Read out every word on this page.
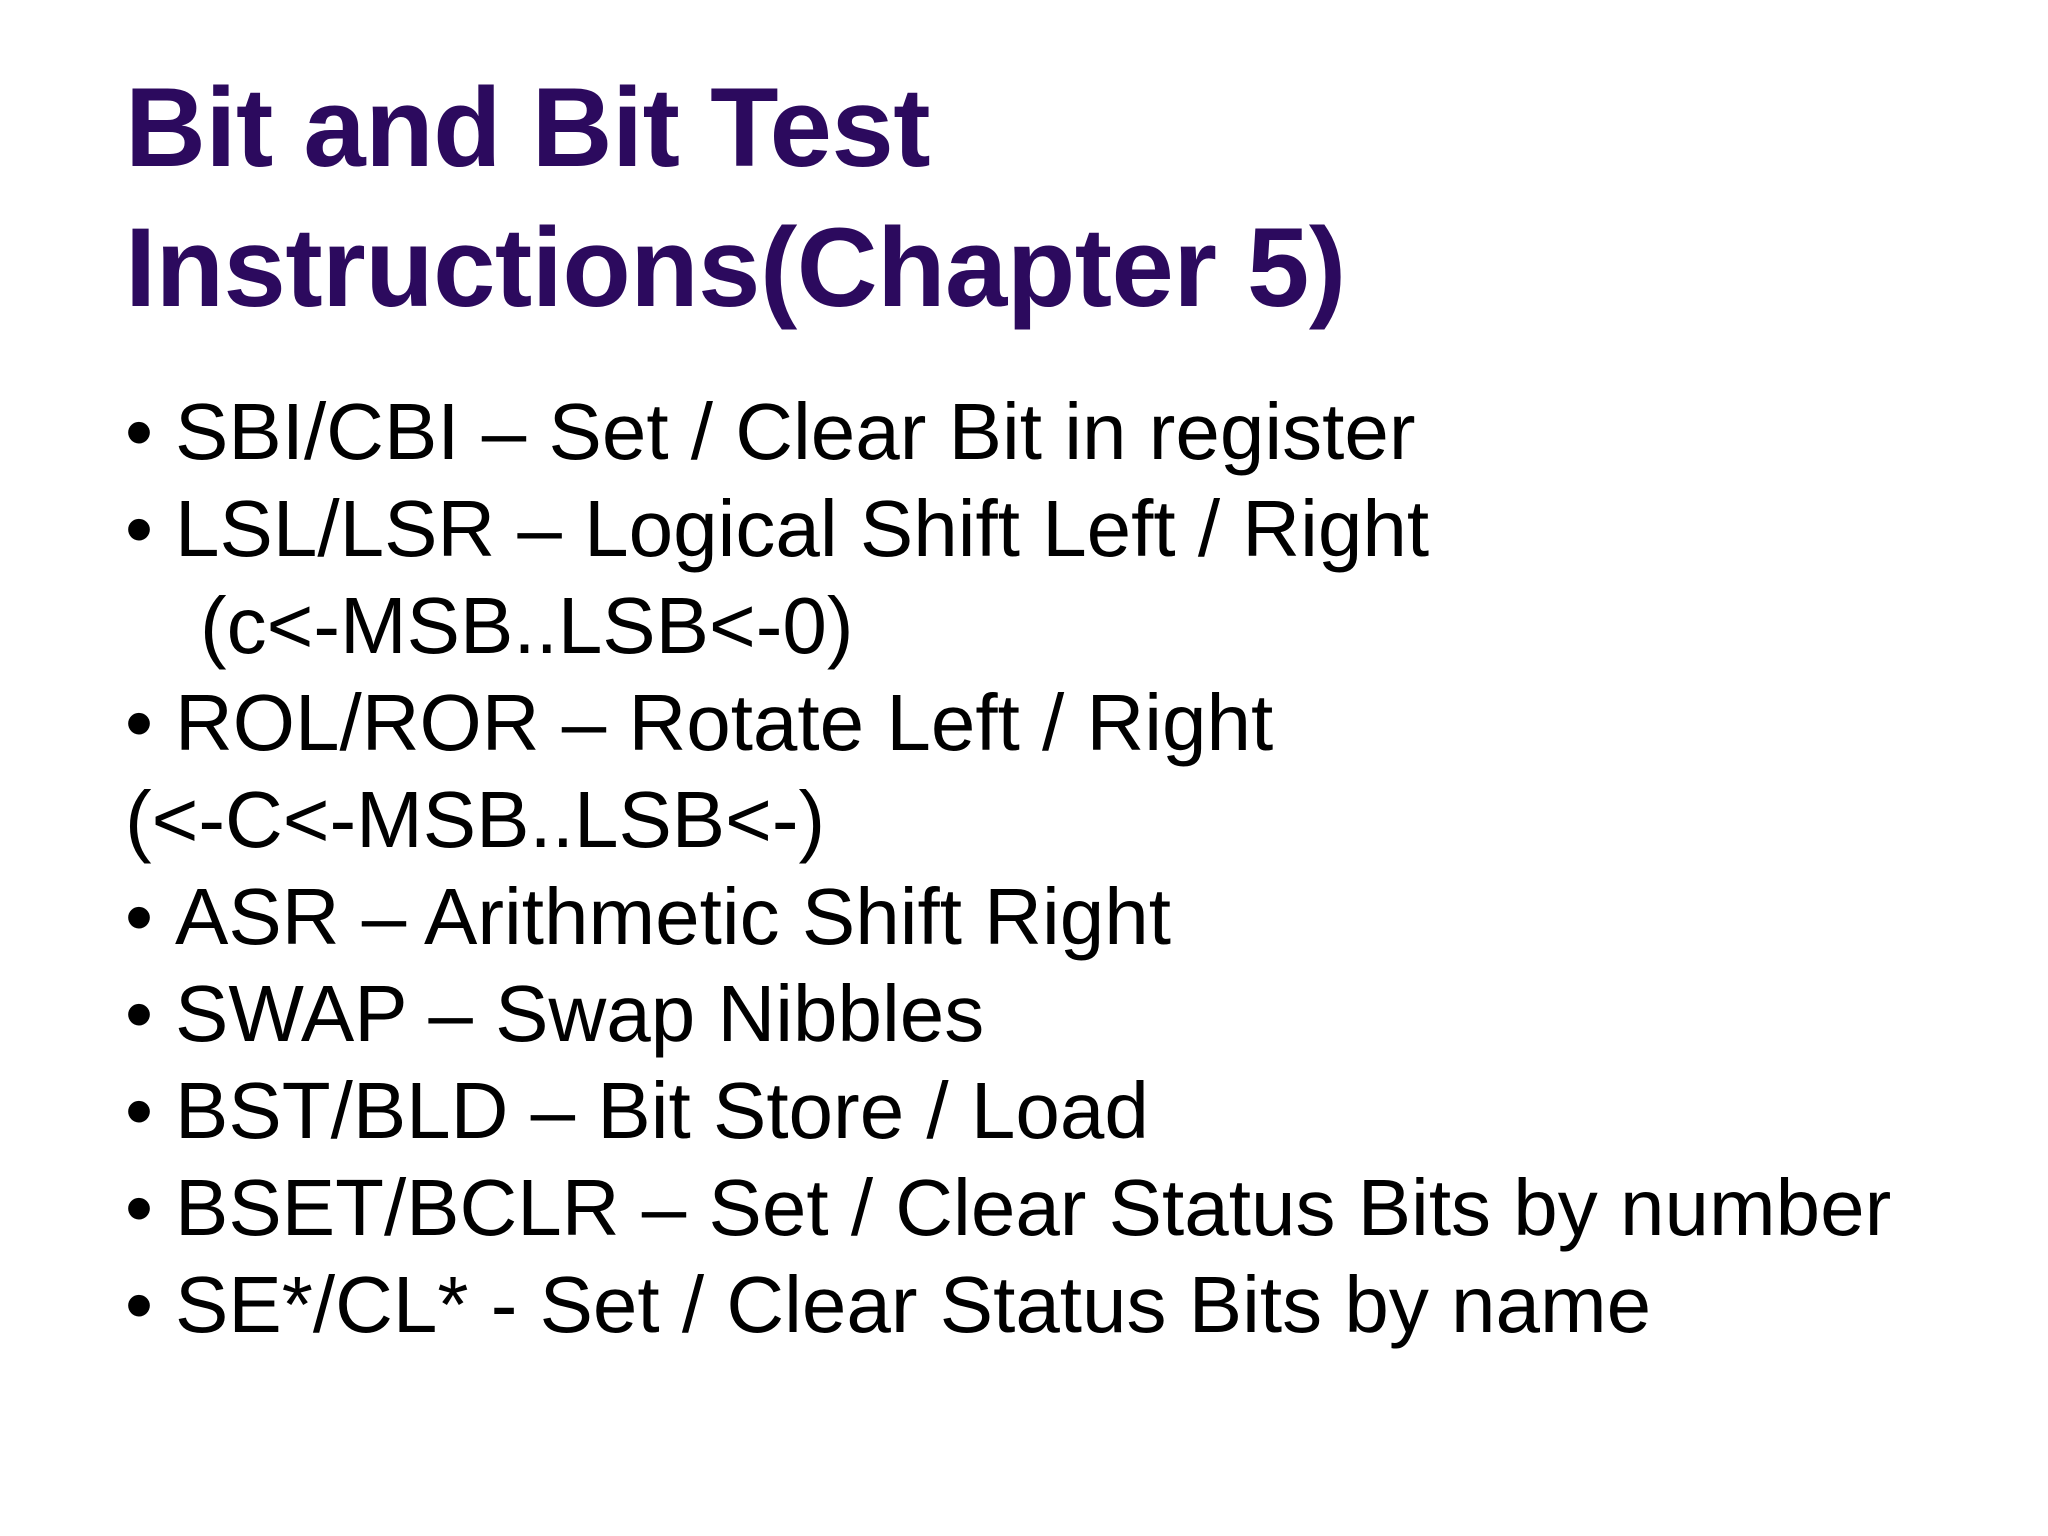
Bit and Bit Test
Instructions(Chapter 5)
• SBI/CBI – Set / Clear Bit in register
• LSL/LSR – Logical Shift Left / Right
(c<-MSB..LSB<-0)
• ROL/ROR – Rotate Left / Right
(<-C<-MSB..LSB<-)
• ASR – Arithmetic Shift Right
• SWAP – Swap Nibbles
• BST/BLD – Bit Store / Load
• BSET/BCLR – Set / Clear Status Bits by number
• SE*/CL* - Set / Clear Status Bits by name
